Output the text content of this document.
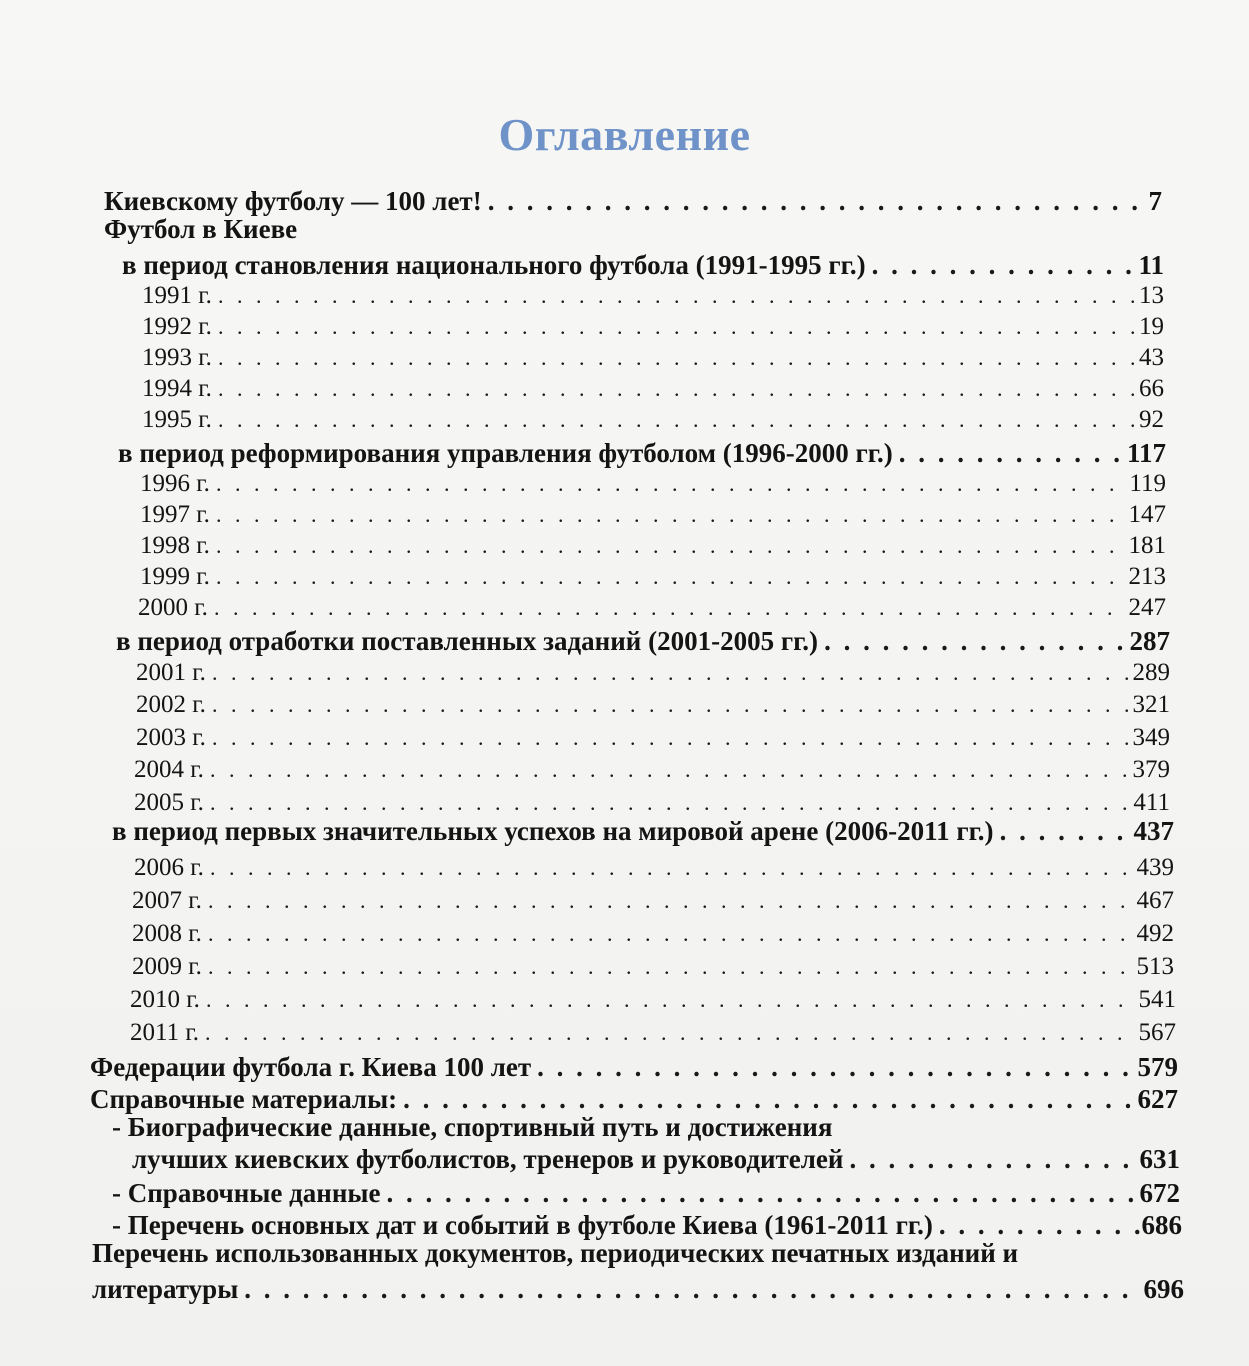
Оглавление
Киевскому футболу — 100 лет! . . .	7
Футбол в Киеве
в период становления национального футбола (1991-1995 гг.) . . .	11
1991 г. . . .	13
1992 г. . . .	19
1993 г. . . .	43
1994 г. . . .	66
1995 г. . . .	92
в период реформирования управления футболом (1996-2000 гг.) . . .	117
1996 г. . . .	119
1997 г. . . .	147
1998 г. . . .	181
1999 г. . . .	213
2000 г. . . .	247
в период отработки поставленных заданий (2001-2005 гг.) . . .	287
2001 г. . . .	289
2002 г. . . .	321
2003 г. . . .	349
2004 г. . . .	379
2005 г. . . .	411
в период первых значительных успехов на мировой арене (2006-2011 гг.) . . .	437
2006 г. . . .	439
2007 г. . . .	467
2008 г. . . .	492
2009 г. . . .	513
2010 г. . . .	541
2011 г. . . .	567
Федерации футбола г. Киева 100 лет . . .	579
Справочные материалы: . . .	627
- Биографические данные, спортивный путь и достижения
лучших киевских футболистов, тренеров и руководителей . . .	631
- Справочные данные . . .	672
- Перечень основных дат и событий в футболе Киева (1961-2011 гг.) . . .	686
Перечень использованных документов, периодических печатных изданий и
литературы . . .	696
